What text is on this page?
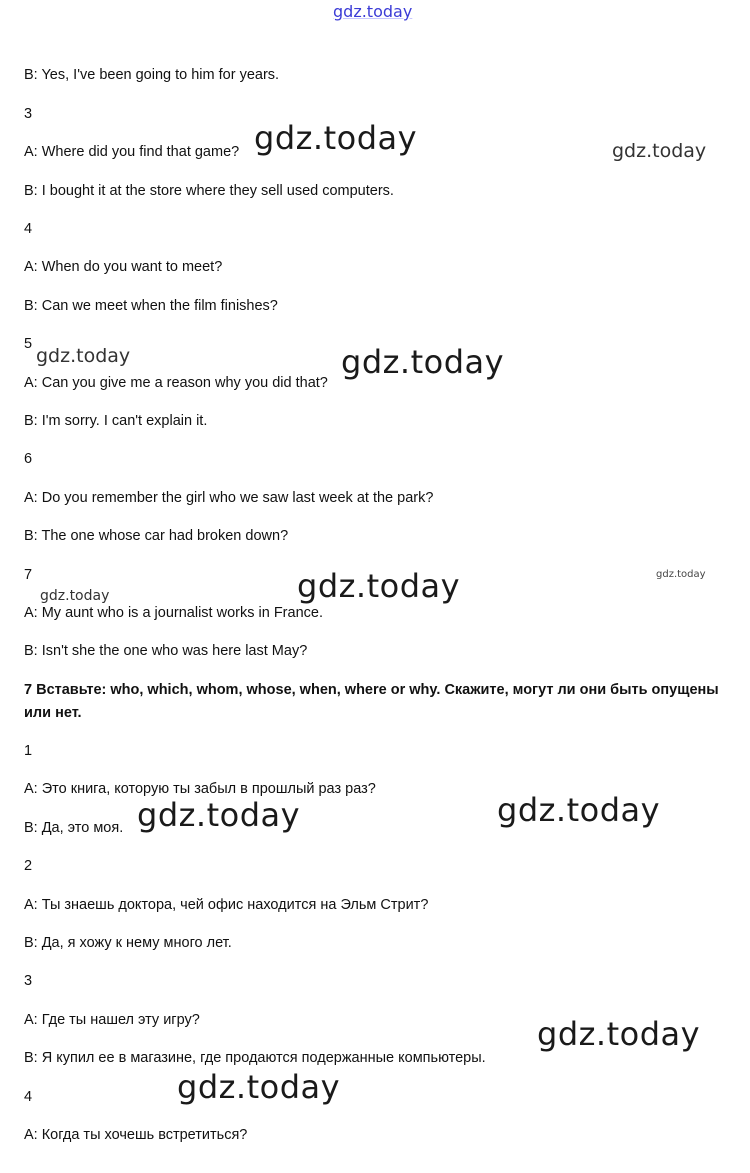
gdz.today
B: Yes, I've been going to him for years.
3
A: Where did you find that game?
B: I bought it at the store where they sell used computers.
4
A: When do you want to meet?
B: Can we meet when the film finishes?
5
A: Can you give me a reason why you did that?
B: I'm sorry. I can't explain it.
6
A: Do you remember the girl who we saw last week at the park?
B: The one whose car had broken down?
7
A: My aunt who is a journalist works in France.
B: Isn't she the one who was here last May?
7 Вставьте: who, which, whom, whose, when, where or why. Скажите, могут ли они быть опущены или нет.
1
A: Это книга, которую ты забыл в прошлый раз раз?
B: Да, это моя.
2
A: Ты знаешь доктора, чей офис находится на Эльм Стрит?
B: Да, я хожу к нему много лет.
3
A: Где ты нашел эту игру?
B: Я купил ее в магазине, где продаются подержанные компьютеры.
4
A: Когда ты хочешь встретиться?
gdz.today	gdz.today
gdz.today	gdz.today
gdz.today	gdz.today	gdz.today
gdz.today	gdz.today
gdz.today
gdz.today
